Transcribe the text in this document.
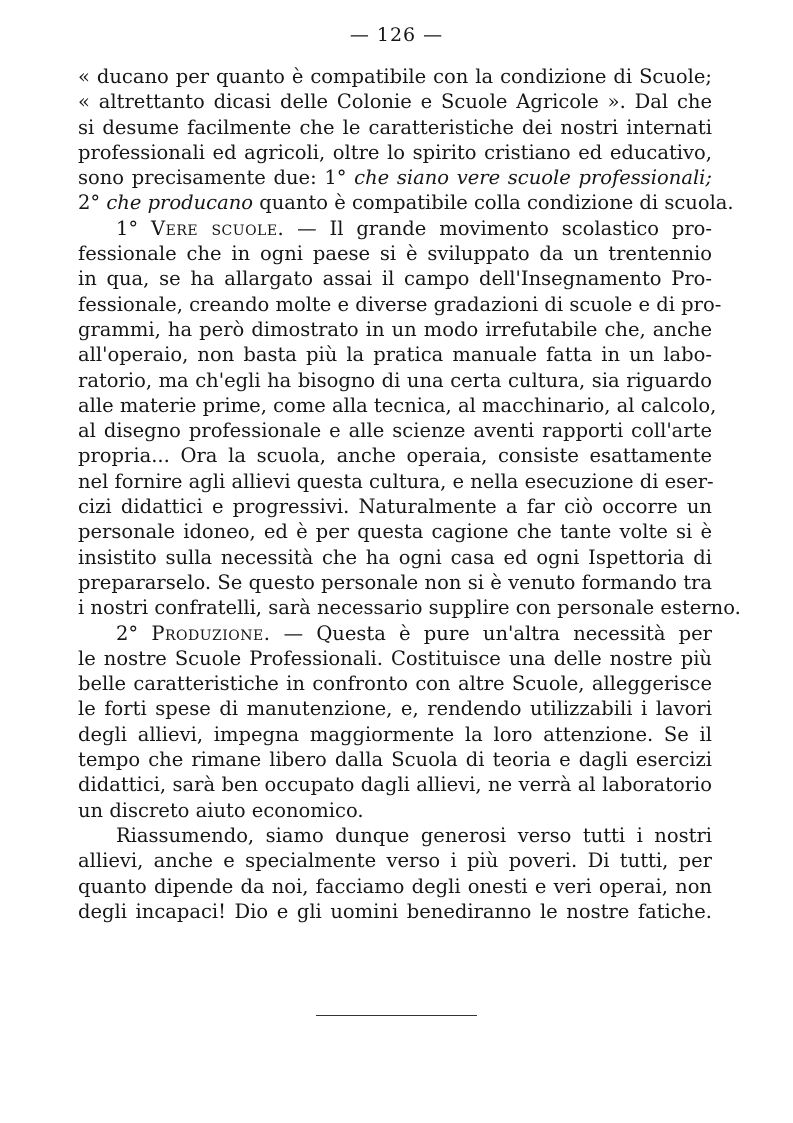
— 126 —
« ducano per quanto è compatibile con la condizione di Scuole;
« altrettanto dicasi delle Colonie e Scuole Agricole ». Dal che
si desume facilmente che le caratteristiche dei nostri internati
professionali ed agricoli, oltre lo spirito cristiano ed educativo,
sono precisamente due: 1° che siano vere scuole professionali;
2° che producano quanto è compatibile colla condizione di scuola.
1° Vere scuole. — Il grande movimento scolastico pro-
fessionale che in ogni paese si è sviluppato da un trentennio
in qua, se ha allargato assai il campo dell'Insegnamento Pro-
fessionale, creando molte e diverse gradazioni di scuole e di pro-
grammi, ha però dimostrato in un modo irrefutabile che, anche
all'operaio, non basta più la pratica manuale fatta in un labo-
ratorio, ma ch'egli ha bisogno di una certa cultura, sia riguardo
alle materie prime, come alla tecnica, al macchinario, al calcolo,
al disegno professionale e alle scienze aventi rapporti coll'arte
propria... Ora la scuola, anche operaia, consiste esattamente
nel fornire agli allievi questa cultura, e nella esecuzione di eser-
cizi didattici e progressivi. Naturalmente a far ciò occorre un
personale idoneo, ed è per questa cagione che tante volte si è
insistito sulla necessità che ha ogni casa ed ogni Ispettoria di
prepararselo. Se questo personale non si è venuto formando tra
i nostri confratelli, sarà necessario supplire con personale esterno.
2° Produzione. — Questa è pure un'altra necessità per
le nostre Scuole Professionali. Costituisce una delle nostre più
belle caratteristiche in confronto con altre Scuole, alleggerisce
le forti spese di manutenzione, e, rendendo utilizzabili i lavori
degli allievi, impegna maggiormente la loro attenzione. Se il
tempo che rimane libero dalla Scuola di teoria e dagli esercizi
didattici, sarà ben occupato dagli allievi, ne verrà al laboratorio
un discreto aiuto economico.
Riassumendo, siamo dunque generosi verso tutti i nostri
allievi, anche e specialmente verso i più poveri. Di tutti, per
quanto dipende da noi, facciamo degli onesti e veri operai, non
degli incapaci! Dio e gli uomini benediranno le nostre fatiche.
